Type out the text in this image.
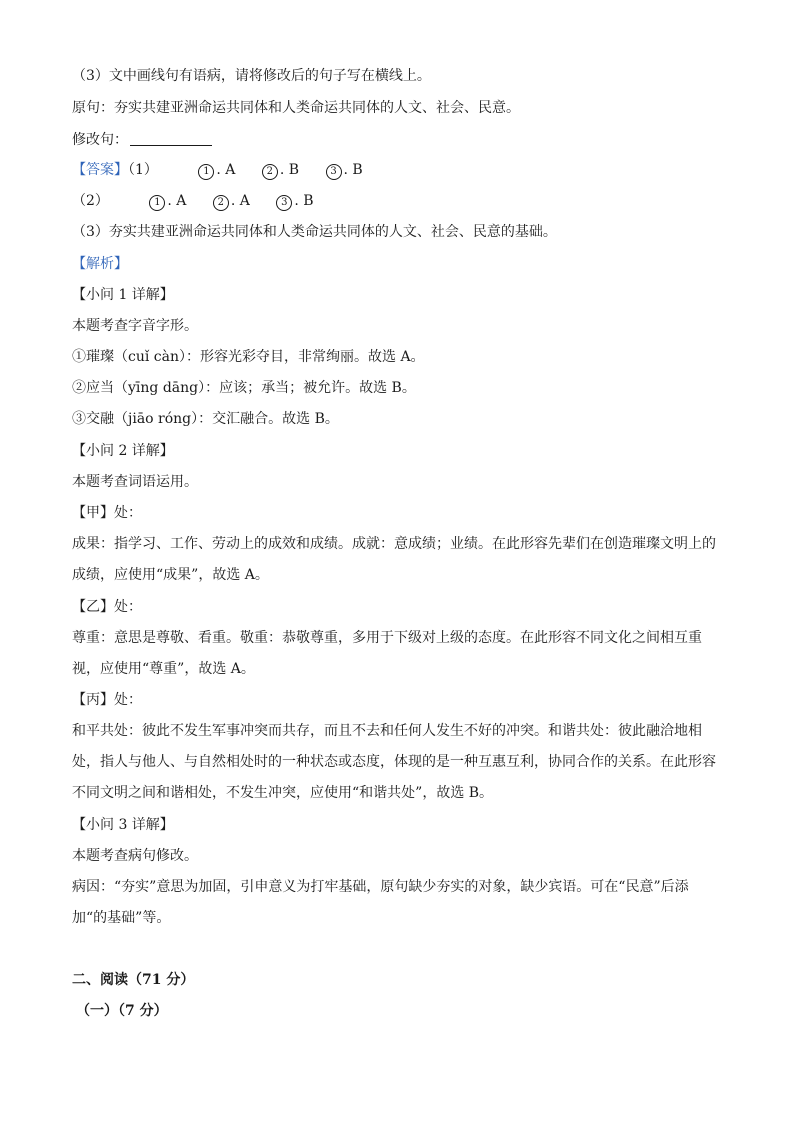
（3）文中画线句有语病，请将修改后的句子写在横线上。
原句：夯实共建亚洲命运共同体和人类命运共同体的人文、社会、民意。
修改句：
【答案】（1）	1 . A	2 . B	3 . B
（2）	1 . A	2 . A	3 . B
（3）夯实共建亚洲命运共同体和人类命运共同体的人文、社会、民意的基础。
【解析】
【小问 1 详解】
本题考查字音字形。
①璀璨（cuǐ càn）：形容光彩夺目，非常绚丽。故选 A。
②应当（yīng dāng）：应该；承当；被允许。故选 B。
③交融（jiāo róng）：交汇融合。故选 B。
【小问 2 详解】
本题考查词语运用。
【甲】处：
成果：指学习、工作、劳动上的成效和成绩。成就：意成绩；业绩。在此形容先辈们在创造璀璨文明上的成绩，应使用“成果”，故选 A。
【乙】处：
尊重：意思是尊敬、看重。敬重：恭敬尊重，多用于下级对上级的态度。在此形容不同文化之间相互重视，应使用“尊重”，故选 A。
【丙】处：
和平共处：彼此不发生军事冲突而共存，而且不去和任何人发生不好的冲突。和谐共处：彼此融洽地相处，指人与他人、与自然相处时的一种状态或态度，体现的是一种互惠互利，协同合作的关系。在此形容不同文明之间和谐相处，不发生冲突，应使用“和谐共处”，故选 B。
【小问 3 详解】
本题考查病句修改。
病因：“夯实”意思为加固，引申意义为打牢基础，原句缺少夯实的对象，缺少宾语。可在“民意”后添加“的基础”等。
二、阅读（71 分）
（一）（7 分）
